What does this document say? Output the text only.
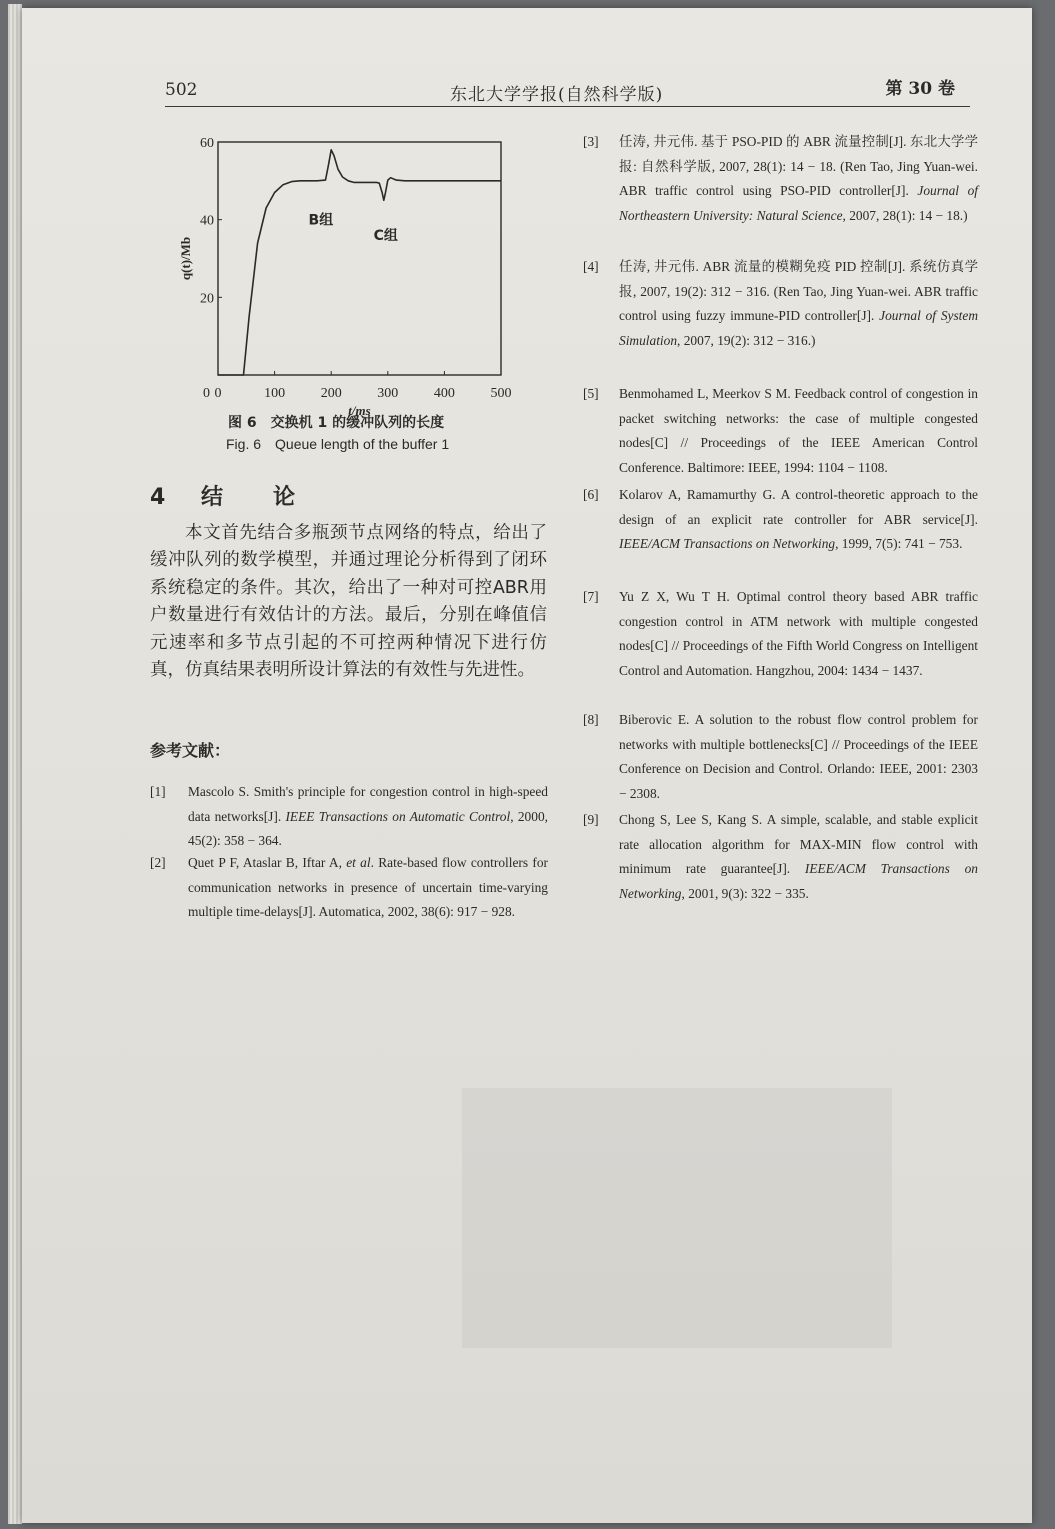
502	东北大学学报(自然科学版)	第 30 卷
0	100	200	300	400	500
0
20
40
60
t/ms
q(t)/Mb
B组
C组
图 6　交换机 1 的缓冲队列的长度
Fig. 6　Queue length of the buffer 1
4 结　论
本文首先结合多瓶颈节点网络的特点，给出了缓冲队列的数学模型，并通过理论分析得到了闭环系统稳定的条件。其次，给出了一种对可控ABR用户数量进行有效估计的方法。最后，分别在峰值信元速率和多节点引起的不可控两种情况下进行仿真，仿真结果表明所设计算法的有效性与先进性。
参考文献：
[1] Mascolo S. Smith's principle for congestion control in high-speed data networks[J]. IEEE Transactions on Automatic Control, 2000, 45(2): 358 − 364.
[2] Quet P F, Ataslar B, Iftar A, et al. Rate-based flow controllers for communication networks in presence of uncertain time-varying multiple time-delays[J]. Automatica, 2002, 38(6): 917 − 928.
[3] 任涛, 井元伟. 基于 PSO-PID 的 ABR 流量控制[J]. 东北大学学报: 自然科学版, 2007, 28(1): 14 − 18. (Ren Tao, Jing Yuan-wei. ABR traffic control using PSO-PID controller[J]. Journal of Northeastern University: Natural Science, 2007, 28(1): 14 − 18.)
[4] 任涛, 井元伟. ABR 流量的模糊免疫 PID 控制[J]. 系统仿真学报, 2007, 19(2): 312 − 316. (Ren Tao, Jing Yuan-wei. ABR traffic control using fuzzy immune-PID controller[J]. Journal of System Simulation, 2007, 19(2): 312 − 316.)
[5] Benmohamed L, Meerkov S M. Feedback control of congestion in packet switching networks: the case of multiple congested nodes[C] // Proceedings of the IEEE American Control Conference. Baltimore: IEEE, 1994: 1104 − 1108.
[6] Kolarov A, Ramamurthy G. A control-theoretic approach to the design of an explicit rate controller for ABR service[J]. IEEE/ACM Transactions on Networking, 1999, 7(5): 741 − 753.
[7] Yu Z X, Wu T H. Optimal control theory based ABR traffic congestion control in ATM network with multiple congested nodes[C] // Proceedings of the Fifth World Congress on Intelligent Control and Automation. Hangzhou, 2004: 1434 − 1437.
[8] Biberovic E. A solution to the robust flow control problem for networks with multiple bottlenecks[C] // Proceedings of the IEEE Conference on Decision and Control. Orlando: IEEE, 2001: 2303 − 2308.
[9] Chong S, Lee S, Kang S. A simple, scalable, and stable explicit rate allocation algorithm for MAX-MIN flow control with minimum rate guarantee[J]. IEEE/ACM Transactions on Networking, 2001, 9(3): 322 − 335.
